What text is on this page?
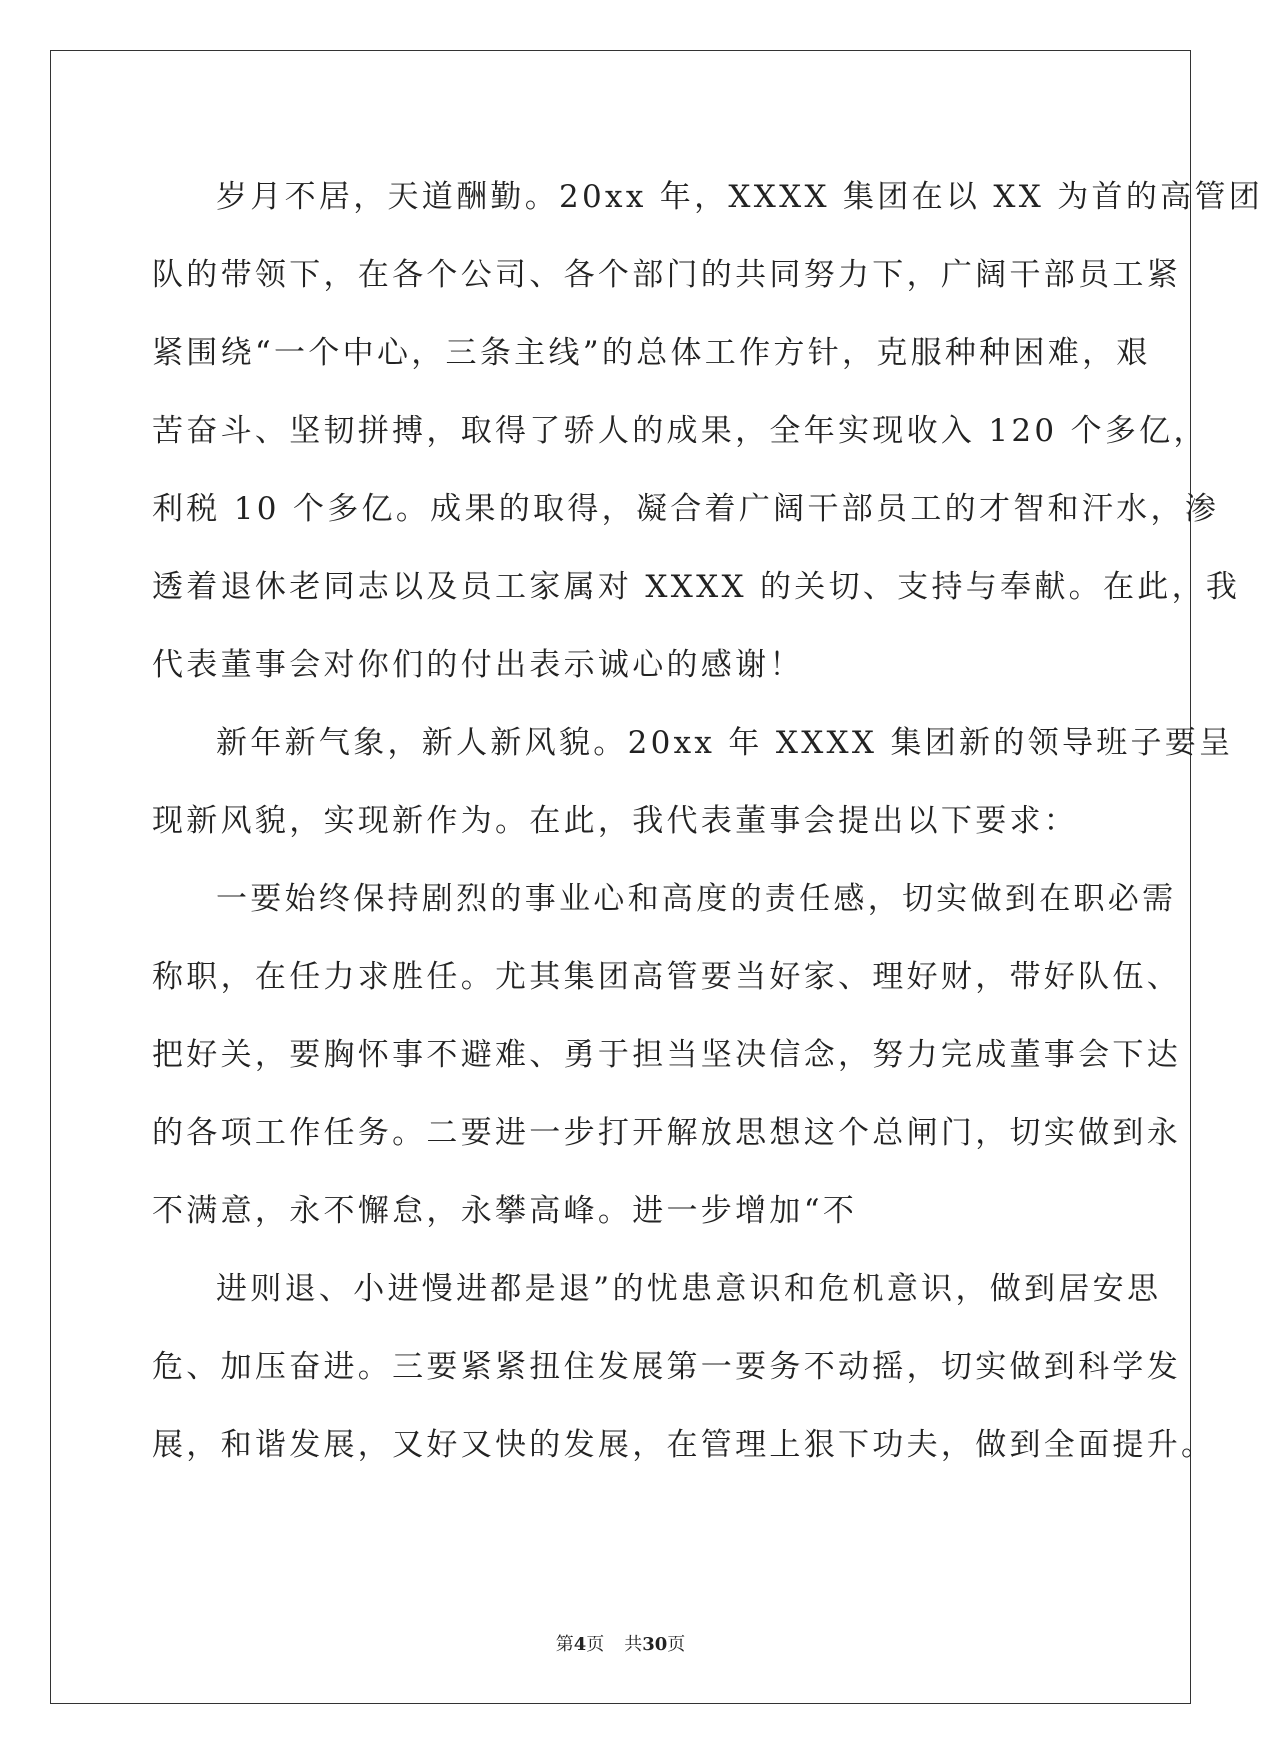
岁月不居，天道酬勤。20xx 年，XXXX 集团在以 XX 为首的高管团
队的带领下，在各个公司、各个部门的共同努力下，广阔干部员工紧
紧围绕“一个中心，三条主线”的总体工作方针，克服种种困难，艰
苦奋斗、坚韧拼搏，取得了骄人的成果，全年实现收入 120 个多亿，
利税 10 个多亿。成果的取得，凝合着广阔干部员工的才智和汗水，渗
透着退休老同志以及员工家属对 XXXX 的关切、支持与奉献。在此，我
代表董事会对你们的付出表示诚心的感谢！
新年新气象，新人新风貌。20xx 年 XXXX 集团新的领导班子要呈
现新风貌，实现新作为。在此，我代表董事会提出以下要求：
一要始终保持剧烈的事业心和高度的责任感，切实做到在职必需
称职，在任力求胜任。尤其集团高管要当好家、理好财，带好队伍、
把好关，要胸怀事不避难、勇于担当坚决信念，努力完成董事会下达
的各项工作任务。二要进一步打开解放思想这个总闸门，切实做到永
不满意，永不懈怠，永攀高峰。进一步增加“不
进则退、小进慢进都是退”的忧患意识和危机意识，做到居安思
危、加压奋进。三要紧紧扭住发展第一要务不动摇，切实做到科学发
展，和谐发展，又好又快的发展，在管理上狠下功夫，做到全面提升。
第4页 共30页
